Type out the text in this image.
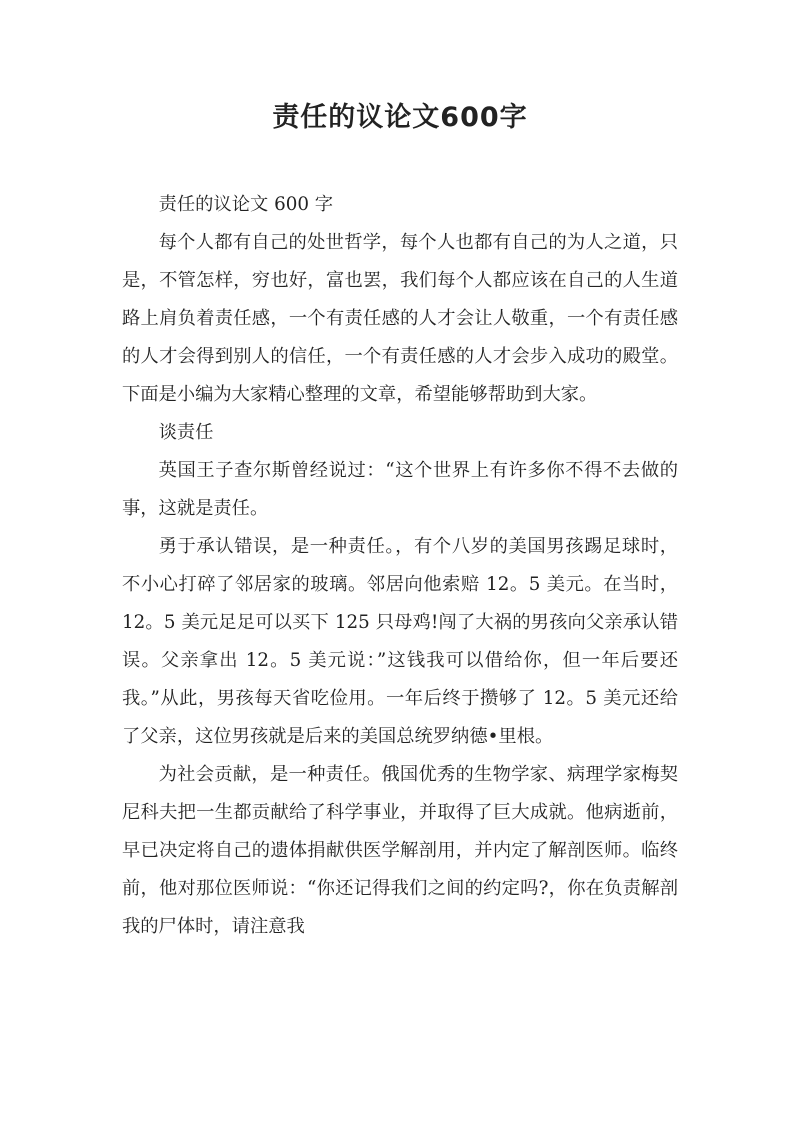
责任的议论文600字

责任的议论文 600 字

每个人都有自己的处世哲学，每个人也都有自己的为人之道，只是，不管怎样，穷也好，富也罢，我们每个人都应该在自己的人生道路上肩负着责任感，一个有责任感的人才会让人敬重，一个有责任感的人才会得到别人的信任，一个有责任感的人才会步入成功的殿堂。下面是小编为大家精心整理的文章，希望能够帮助到大家。

谈责任

英国王子查尔斯曾经说过：“这个世界上有许多你不得不去做的事，这就是责任。

勇于承认错误，是一种责任。，有个八岁的美国男孩踢足球时，不小心打碎了邻居家的玻璃。邻居向他索赔 12。5 美元。在当时，12。5 美元足足可以买下 125 只母鸡!闯了大祸的男孩向父亲承认错误。父亲拿出 12。5 美元说：”这钱我可以借给你，但一年后要还我。”从此，男孩每天省吃俭用。一年后终于攒够了 12。5 美元还给了父亲，这位男孩就是后来的美国总统罗纳德•里根。

为社会贡献，是一种责任。俄国优秀的生物学家、病理学家梅契尼科夫把一生都贡献给了科学事业，并取得了巨大成就。他病逝前，早已决定将自己的遗体捐献供医学解剖用，并内定了解剖医师。临终前，他对那位医师说：“你还记得我们之间的约定吗?，你在负责解剖我的尸体时，请注意我
